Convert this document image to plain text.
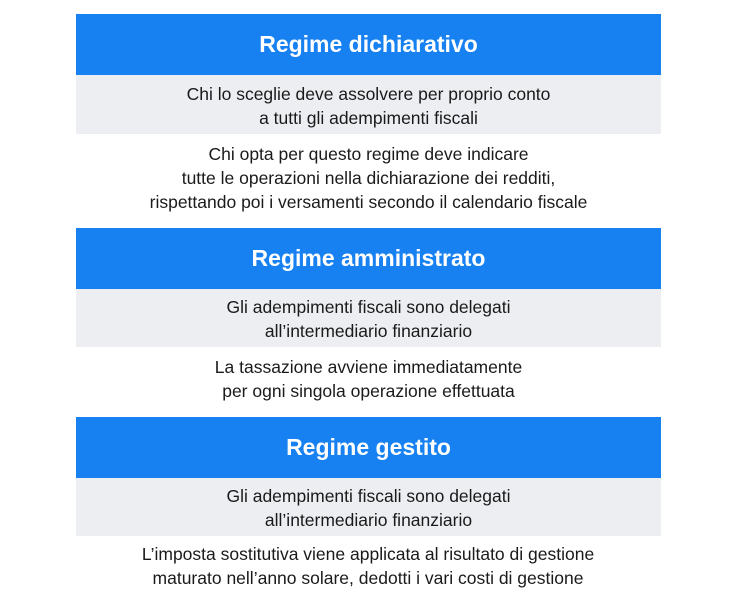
Regime dichiarativo
Chi lo sceglie deve assolvere per proprio conto
a tutti gli adempimenti fiscali
Chi opta per questo regime deve indicare
tutte le operazioni nella dichiarazione dei redditi,
rispettando poi i versamenti secondo il calendario fiscale
Regime amministrato
Gli adempimenti fiscali sono delegati
all’intermediario finanziario
La tassazione avviene immediatamente
per ogni singola operazione effettuata
Regime gestito
Gli adempimenti fiscali sono delegati
all’intermediario finanziario
L’imposta sostitutiva viene applicata al risultato di gestione
maturato nell’anno solare, dedotti i vari costi di gestione
